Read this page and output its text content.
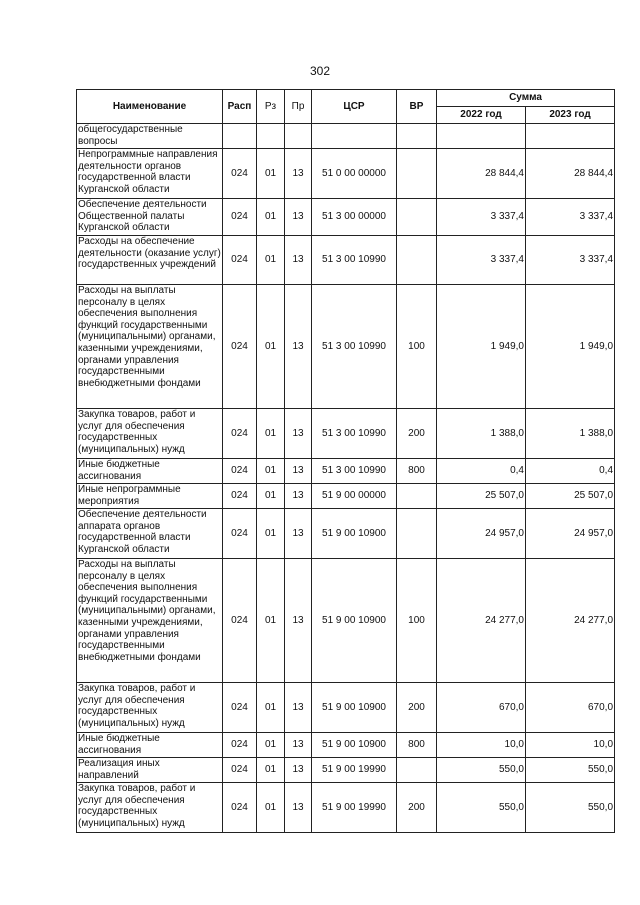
302
Наименование	Расп	Рз	Пр	ЦСР	ВР	Сумма	
						2022 год	2023 год
общегосударственные вопросы							
Непрограммные направления деятельности органов государственной власти Курганской области	024	01	13	51 0 00 00000		28 844,4	28 844,4
Обеспечение деятельности Общественной палаты Курганской области	024	01	13	51 3 00 00000		3 337,4	3 337,4
Расходы на обеспечение деятельности (оказание услуг) государственных учреждений	024	01	13	51 3 00 10990		3 337,4	3 337,4
Расходы на выплаты персоналу в целях обеспечения выполнения функций государственными (муниципальными) органами, казенными учреждениями, органами управления государственными внебюджетными фондами	024	01	13	51 3 00 10990	100	1 949,0	1 949,0
Закупка товаров, работ и услуг для обеспечения государственных (муниципальных) нужд	024	01	13	51 3 00 10990	200	1 388,0	1 388,0
Иные бюджетные ассигнования	024	01	13	51 3 00 10990	800	0,4	0,4
Иные непрограммные мероприятия	024	01	13	51 9 00 00000		25 507,0	25 507,0
Обеспечение деятельности аппарата органов государственной власти Курганской области	024	01	13	51 9 00 10900		24 957,0	24 957,0
Расходы на выплаты персоналу в целях обеспечения выполнения функций государственными (муниципальными) органами, казенными учреждениями, органами управления государственными внебюджетными фондами	024	01	13	51 9 00 10900	100	24 277,0	24 277,0
Закупка товаров, работ и услуг для обеспечения государственных (муниципальных) нужд	024	01	13	51 9 00 10900	200	670,0	670,0
Иные бюджетные ассигнования	024	01	13	51 9 00 10900	800	10,0	10,0
Реализация иных направлений	024	01	13	51 9 00 19990		550,0	550,0
Закупка товаров, работ и услуг для обеспечения государственных (муниципальных) нужд	024	01	13	51 9 00 19990	200	550,0	550,0
